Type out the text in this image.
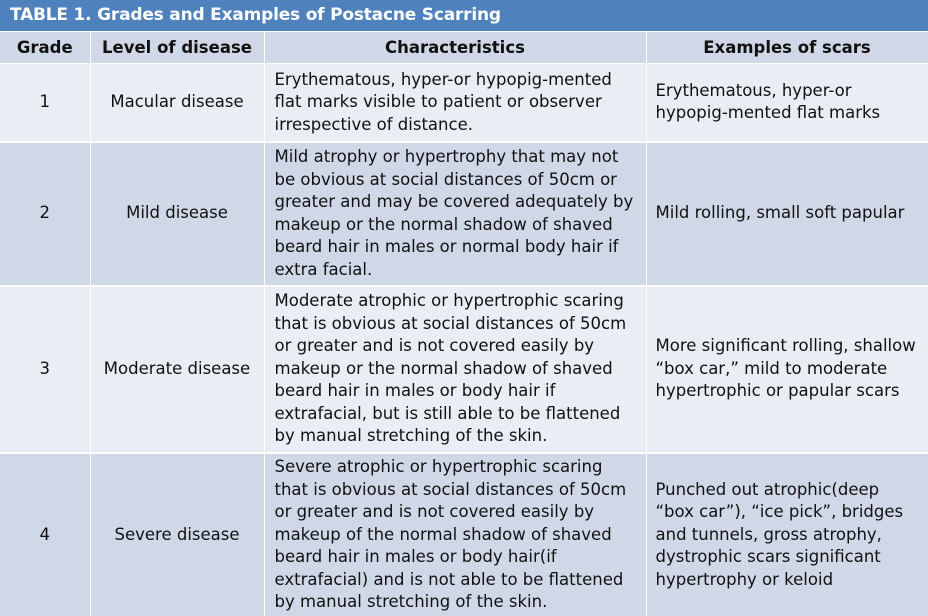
TABLE 1. Grades and Examples of Postacne Scarring
Grade	Level of disease	Characteristics	Examples of scars
1	Macular disease	Erythematous, hyper-or hypopig-mented flat marks visible to patient or observer irrespective of distance.	Erythematous, hyper-or hypopig-mented flat marks
2	Mild disease	Mild atrophy or hypertrophy that may not be obvious at social distances of 50cm or greater and may be covered adequately by makeup or the normal shadow of shaved beard hair in males or normal body hair if extra facial.	Mild rolling, small soft papular
3	Moderate disease	Moderate atrophic or hypertrophic scaring that is obvious at social distances of 50cm or greater and is not covered easily by makeup or the normal shadow of shaved beard hair in males or body hair if extrafacial, but is still able to be flattened by manual stretching of the skin.	More significant rolling, shallow “box car,” mild to moderate hypertrophic or papular scars
4	Severe disease	Severe atrophic or hypertrophic scaring that is obvious at social distances of 50cm or greater and is not covered easily by makeup of the normal shadow of shaved beard hair in males or body hair(if extrafacial) and is not able to be flattened by manual stretching of the skin.	Punched out atrophic(deep “box car”), “ice pick”, bridges and tunnels, gross atrophy, dystrophic scars significant hypertrophy or keloid
